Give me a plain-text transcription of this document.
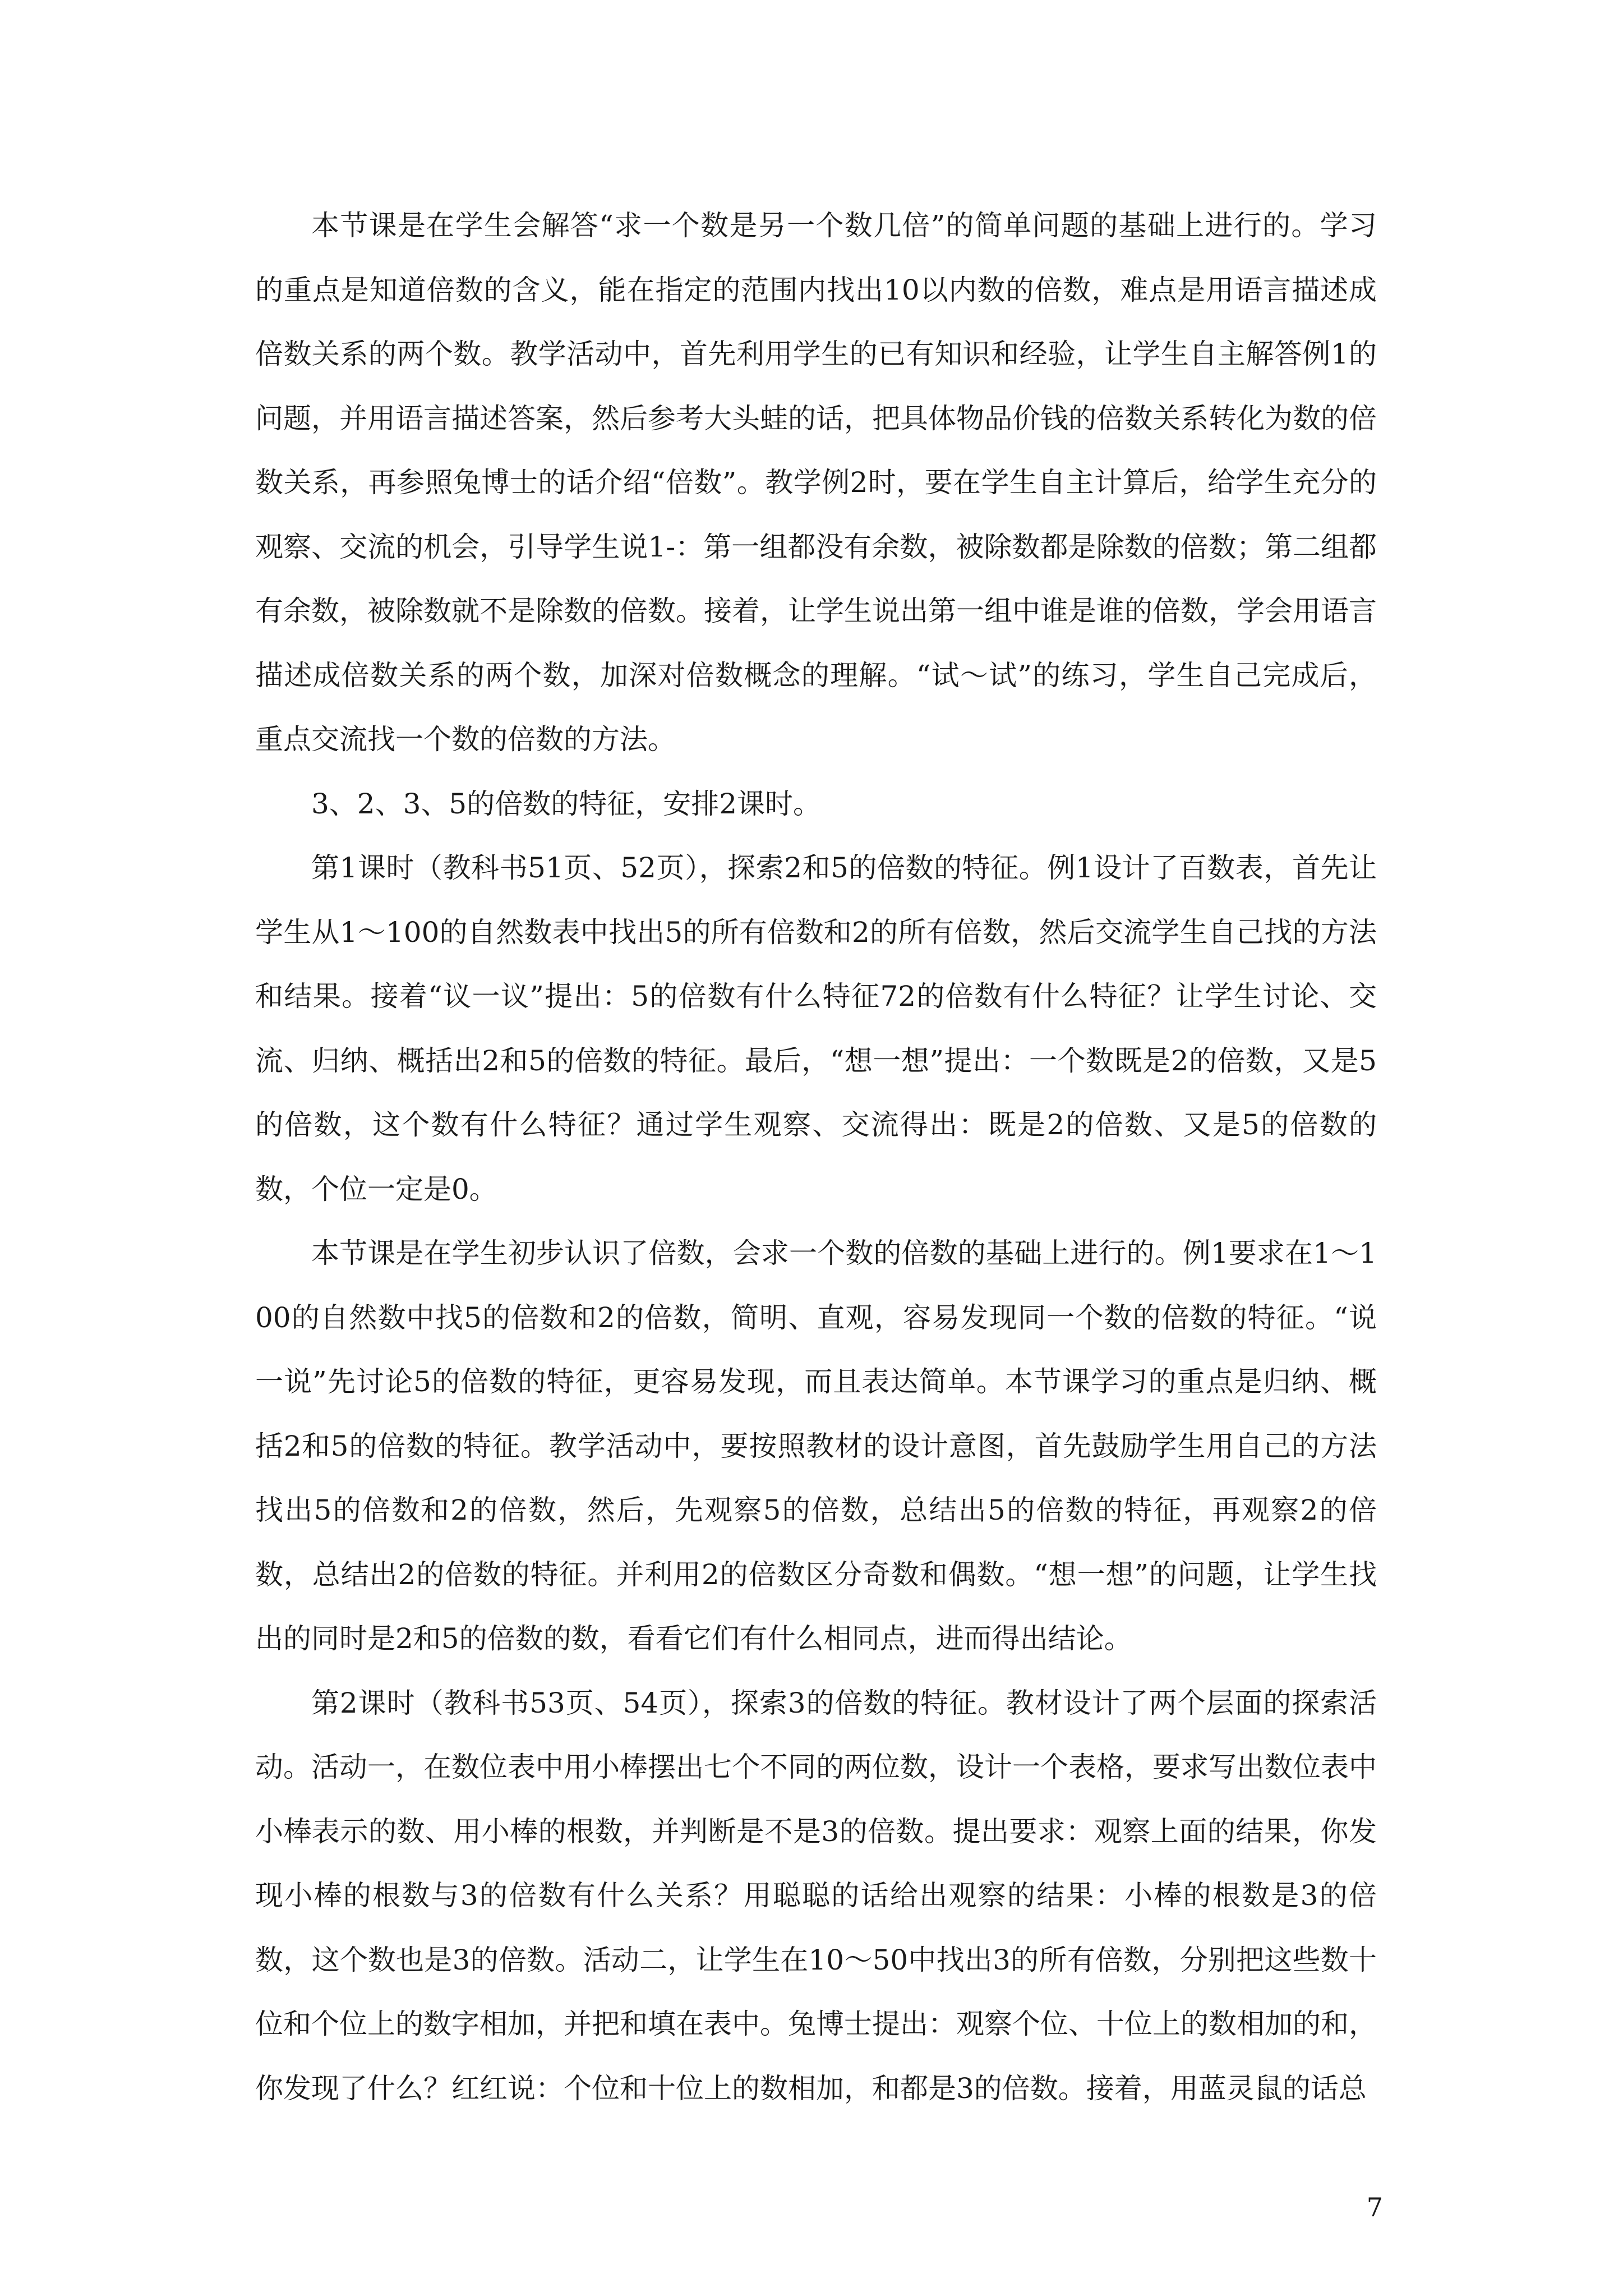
本节课是在学生会解答“求一个数是另一个数几倍”的简单问题的基础上进行的。学习的重点是知道倍数的含义，能在指定的范围内找出10以内数的倍数，难点是用语言描述成倍数关系的两个数。教学活动中，首先利用学生的已有知识和经验，让学生自主解答例1的问题，并用语言描述答案，然后参考大头蛙的话，把具体物品价钱的倍数关系转化为数的倍数关系，再参照兔博士的话介绍“倍数”。教学例2时，要在学生自主计算后，给学生充分的观察、交流的机会，引导学生说1-：第一组都没有余数，被除数都是除数的倍数；第二组都有余数，被除数就不是除数的倍数。接着，让学生说出第一组中谁是谁的倍数，学会用语言描述成倍数关系的两个数，加深对倍数概念的理解。“试～试”的练习，学生自己完成后，重点交流找一个数的倍数的方法。

3、2、3、5的倍数的特征，安排2课时。

第1课时（教科书51页、52页），探索2和5的倍数的特征。例1设计了百数表，首先让学生从1～100的自然数表中找出5的所有倍数和2的所有倍数，然后交流学生自己找的方法和结果。接着“议一议”提出：5的倍数有什么特征72的倍数有什么特征？让学生讨论、交流、归纳、概括出2和5的倍数的特征。最后，“想一想”提出：一个数既是2的倍数，又是5的倍数，这个数有什么特征？通过学生观察、交流得出：既是2的倍数、又是5的倍数的数，个位一定是0。

本节课是在学生初步认识了倍数，会求一个数的倍数的基础上进行的。例1要求在1～100的自然数中找5的倍数和2的倍数，简明、直观，容易发现同一个数的倍数的特征。“说一说”先讨论5的倍数的特征，更容易发现，而且表达简单。本节课学习的重点是归纳、概括2和5的倍数的特征。教学活动中，要按照教材的设计意图，首先鼓励学生用自己的方法找出5的倍数和2的倍数，然后，先观察5的倍数，总结出5的倍数的特征，再观察2的倍数，总结出2的倍数的特征。并利用2的倍数区分奇数和偶数。“想一想”的问题，让学生找出的同时是2和5的倍数的数，看看它们有什么相同点，进而得出结论。

第2课时（教科书53页、54页），探索3的倍数的特征。教材设计了两个层面的探索活动。活动一，在数位表中用小棒摆出七个不同的两位数，设计一个表格，要求写出数位表中小棒表示的数、用小棒的根数，并判断是不是3的倍数。提出要求：观察上面的结果，你发现小棒的根数与3的倍数有什么关系？用聪聪的话给出观察的结果：小棒的根数是3的倍数，这个数也是3的倍数。活动二，让学生在10～50中找出3的所有倍数，分别把这些数十位和个位上的数字相加，并把和填在表中。兔博士提出：观察个位、十位上的数相加的和，你发现了什么？红红说：个位和十位上的数相加，和都是3的倍数。接着，用蓝灵鼠的话总

7
